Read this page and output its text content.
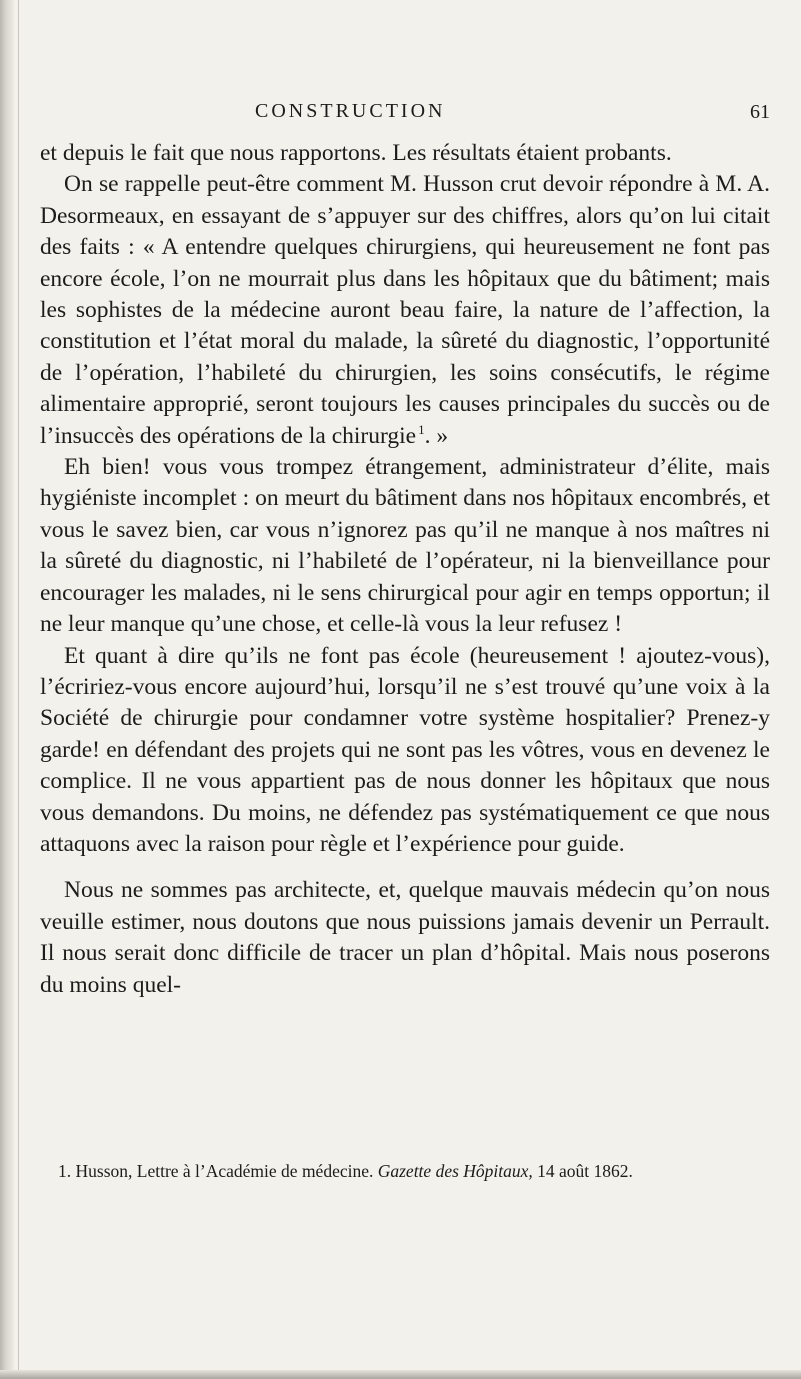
CONSTRUCTION	61

et depuis le fait que nous rapportons. Les résultats étaient probants.

On se rappelle peut-être comment M. Husson crut devoir répondre à M. A. Desormeaux, en essayant de s’appuyer sur des chiffres, alors qu’on lui citait des faits : « A entendre quelques chirurgiens, qui heureusement ne font pas encore école, l’on ne mourrait plus dans les hôpitaux que du bâtiment; mais les sophistes de la médecine auront beau faire, la nature de l’affection, la constitution et l’état moral du malade, la sûreté du diagnostic, l’opportunité de l’opération, l’habileté du chirurgien, les soins consécutifs, le régime alimentaire approprié, seront toujours les causes principales du succès ou de l’insuccès des opérations de la chirurgie  $^1$. »

Eh bien! vous vous trompez étrangement, administrateur d’élite, mais hygiéniste incomplet : on meurt du bâtiment dans nos hôpitaux encombrés, et vous le savez bien, car vous n’ignorez pas qu’il ne manque à nos maîtres ni la sûreté du diagnostic, ni l’habileté de l’opérateur, ni la bienveillance pour encourager les malades, ni le sens chirurgical pour agir en temps opportun; il ne leur manque qu’une chose, et celle-là vous la leur refusez !

Et quant à dire qu’ils ne font pas école (heureusement ! ajoutez-vous), l’écririez-vous encore aujourd’hui, lorsqu’il ne s’est trouvé qu’une voix à la Société de chirurgie pour condamner votre système hospitalier? Prenez-y garde! en défendant des projets qui ne sont pas les vôtres, vous en devenez le complice. Il ne vous appartient pas de nous donner les hôpitaux que nous vous demandons. Du moins, ne défendez pas systématiquement ce que nous attaquons avec la raison pour règle et l’expérience pour guide.

Nous ne sommes pas architecte, et, quelque mauvais médecin qu’on nous veuille estimer, nous doutons que nous puissions jamais devenir un Perrault. Il nous serait donc difficile de tracer un plan d’hôpital. Mais nous poserons du moins quel-

1. Husson, Lettre à l’Académie de médecine. Gazette des Hôpitaux, 14 août 1862.
